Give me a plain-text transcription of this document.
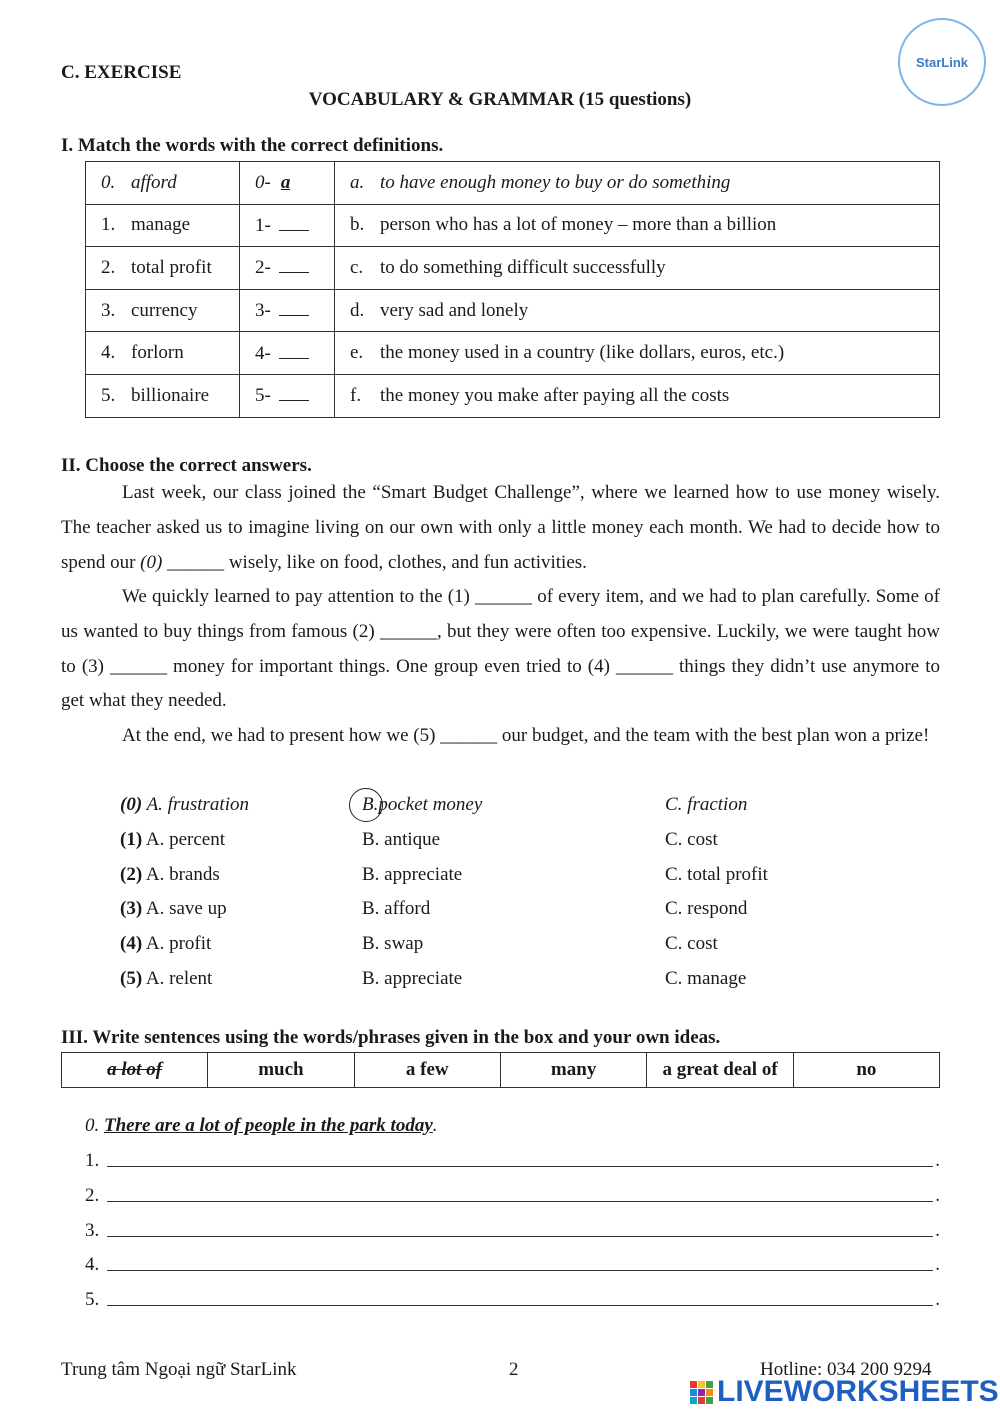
StarLink
C. EXERCISE
VOCABULARY & GRAMMAR (15 questions)
I. Match the words with the correct definitions.
0. afford	0- a	a. to have enough money to buy or do something
1. manage	1-	b. person who has a lot of money – more than a billion
2. total profit	2-	c. to do something difficult successfully
3. currency	3-	d. very sad and lonely
4. forlorn	4-	e. the money used in a country (like dollars, euros, etc.)
5. billionaire	5-	f. the money you make after paying all the costs
II. Choose the correct answers.
Last week, our class joined the “Smart Budget Challenge”, where we learned how to use money wisely. The teacher asked us to imagine living on our own with only a little money each month. We had to decide how to spend our (0) ______ wisely, like on food, clothes, and fun activities.
We quickly learned to pay attention to the (1) ______ of every item, and we had to plan carefully. Some of us wanted to buy things from famous (2) ______, but they were often too expensive. Luckily, we were taught how to (3) ______ money for important things. One group even tried to (4) ______ things they didn’t use anymore to get what they needed.
At the end, we had to present how we (5) ______ our budget, and the team with the best plan won a prize!
(0) A. frustration	B.pocket money	C. fraction
(1) A. percent	B. antique	C. cost
(2) A. brands	B. appreciate	C. total profit
(3) A. save up	B. afford	C. respond
(4) A. profit	B. swap	C. cost
(5) A. relent	B. appreciate	C. manage
III. Write sentences using the words/phrases given in the box and your own ideas.
a lot of	much	a few	many	a great deal of	no
0. There are a lot of people in the park today.
1.	.
2.	.
3.	.
4.	.
5.	.
Trung tâm Ngoại ngữ StarLink	2	Hotline: 034 200 9294
LIVEWORKSHEETS
